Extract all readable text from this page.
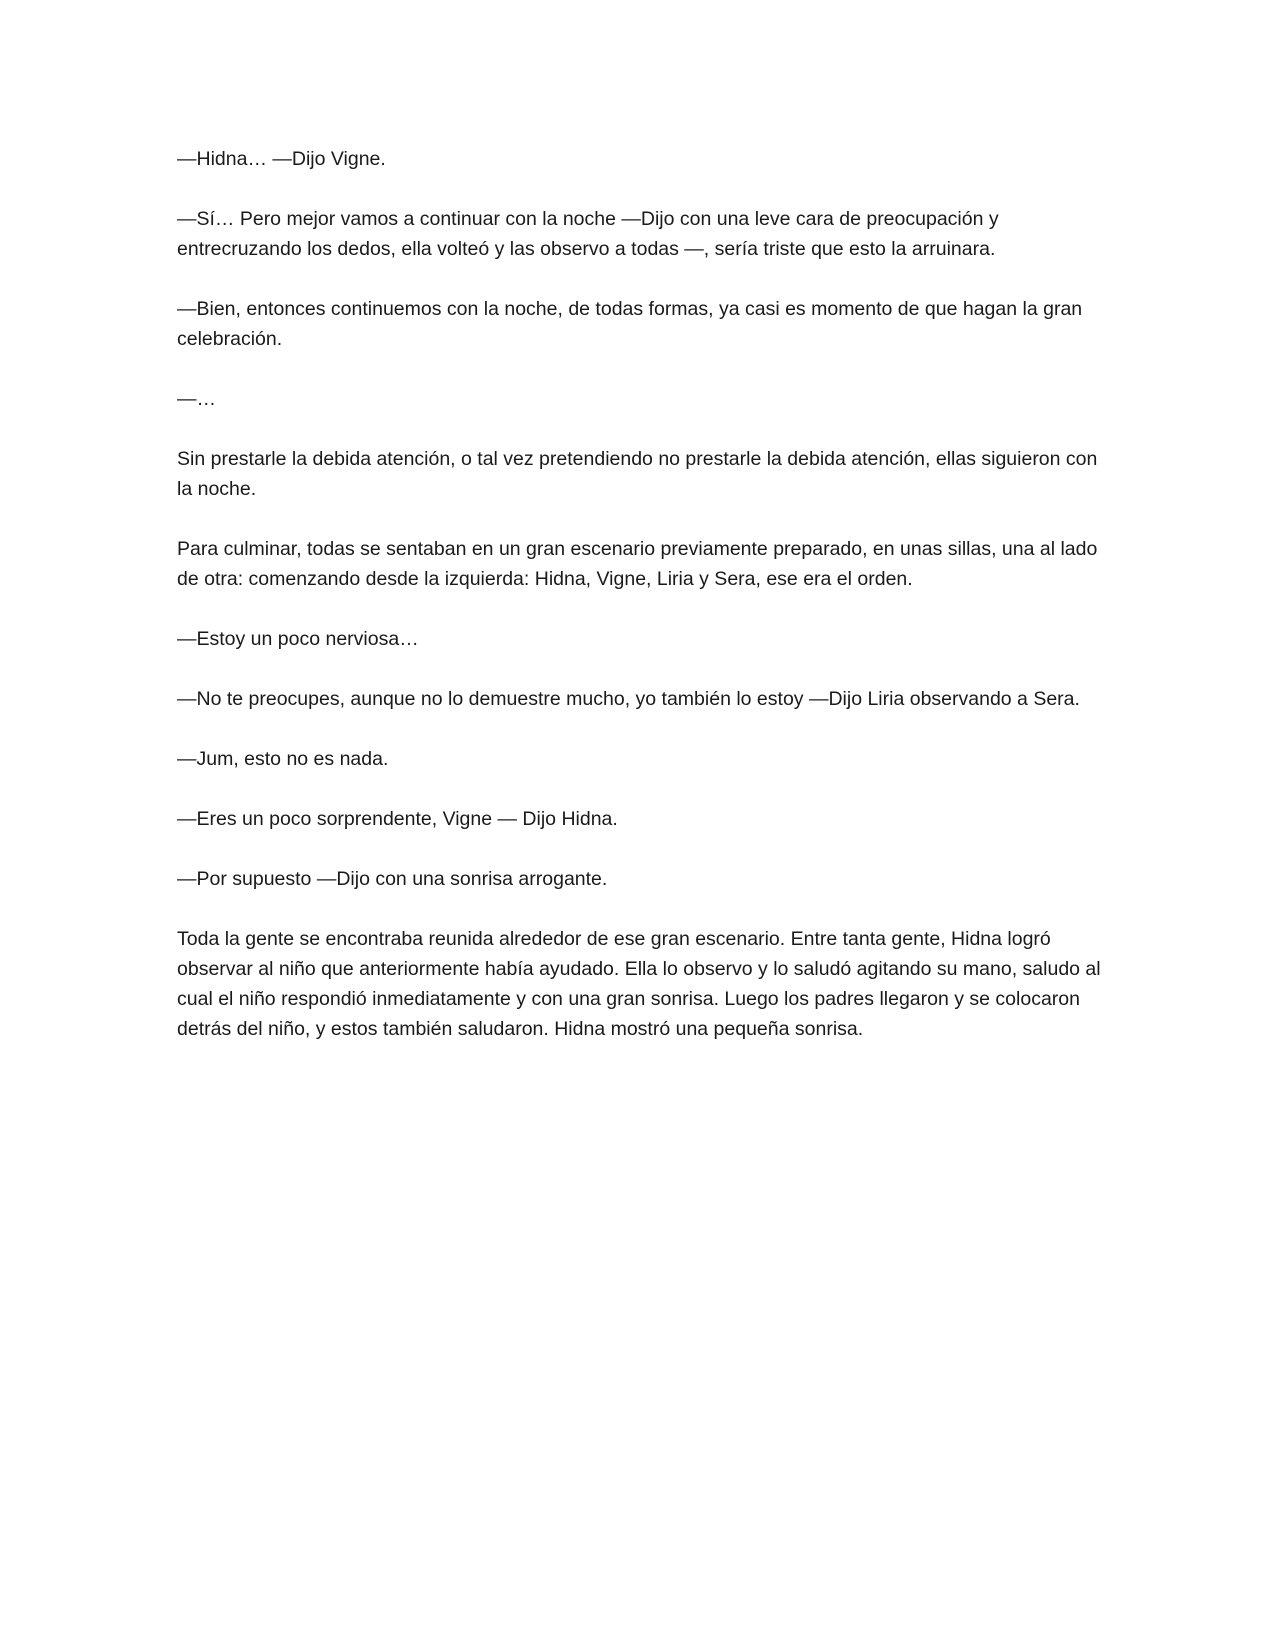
—Hidna… —Dijo Vigne.

—Sí… Pero mejor vamos a continuar con la noche —Dijo con una leve cara de preocupación y entrecruzando los dedos, ella volteó y las observo a todas —, sería triste que esto la arruinara.

—Bien, entonces continuemos con la noche, de todas formas, ya casi es momento de que hagan la gran celebración.

—…

Sin prestarle la debida atención, o tal vez pretendiendo no prestarle la debida atención, ellas siguieron con la noche.

Para culminar, todas se sentaban en un gran escenario previamente preparado, en unas sillas, una al lado de otra: comenzando desde la izquierda: Hidna, Vigne, Liria y Sera, ese era el orden.

—Estoy un poco nerviosa…

—No te preocupes, aunque no lo demuestre mucho, yo también lo estoy —Dijo Liria observando a Sera.

—Jum, esto no es nada.

—Eres un poco sorprendente, Vigne — Dijo Hidna.

—Por supuesto —Dijo con una sonrisa arrogante.

Toda la gente se encontraba reunida alrededor de ese gran escenario. Entre tanta gente, Hidna logró observar al niño que anteriormente había ayudado. Ella lo observo y lo saludó agitando su mano, saludo al cual el niño respondió inmediatamente y con una gran sonrisa. Luego los padres llegaron y se colocaron detrás del niño, y estos también saludaron. Hidna mostró una pequeña sonrisa.
